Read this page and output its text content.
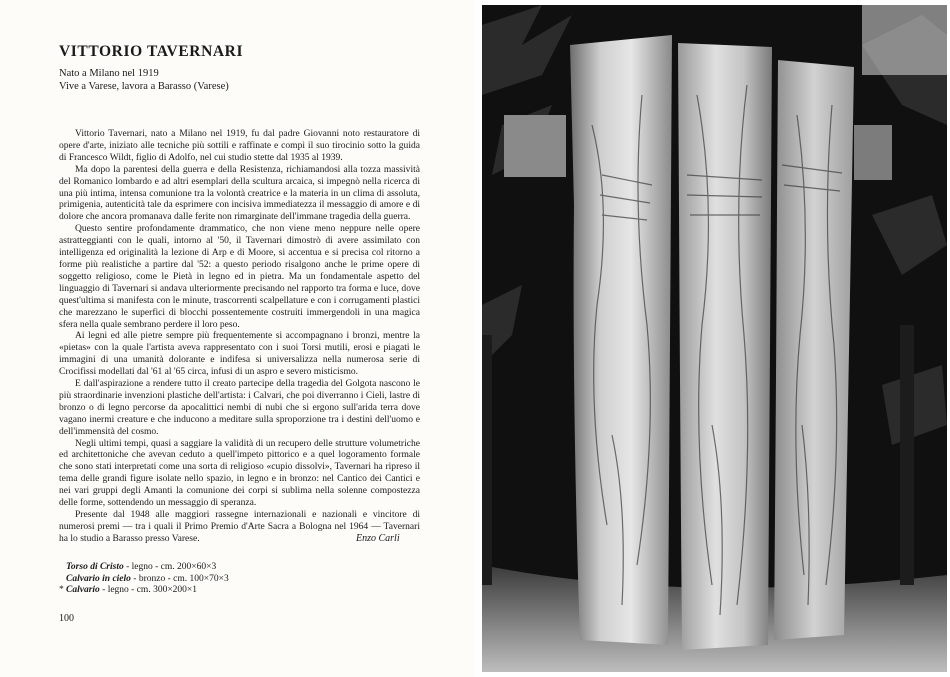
VITTORIO TAVERNARI
Nato a Milano nel 1919
Vive a Varese, lavora a Barasso (Varese)

Vittorio Tavernari, nato a Milano nel 1919, fu dal padre Giovanni noto restauratore di opere d'arte, iniziato alle tecniche più sottili e raffinate e compì il suo tirocinio sotto la guida di Francesco Wildt, figlio di Adolfo, nel cui studio stette dal 1935 al 1939.

Ma dopo la parentesi della guerra e della Resistenza, richiamandosi alla tozza massività del Romanico lombardo e ad altri esemplari della scultura arcaica, si impegnò nella ricerca di una più intima, intensa comunione tra la volontà creatrice e la materia in un clima di assoluta, primigenia, autenticità tale da esprimere con incisiva immediatezza il messaggio di amore e di dolore che ancora promanava dalle ferite non rimarginate dell'immane tragedia della guerra.

Questo sentire profondamente drammatico, che non viene meno neppure nelle opere astratteggianti con le quali, intorno al '50, il Tavernari dimostrò di avere assimilato con intelligenza ed originalità la lezione di Arp e di Moore, si accentua e si precisa col ritorno a forme più realistiche a partire dal '52: a questo periodo risalgono anche le prime opere di soggetto religioso, come le Pietà in legno ed in pietra. Ma un fondamentale aspetto del linguaggio di Tavernari si andava ulteriormente precisando nel rapporto tra forma e luce, dove quest'ultima si manifesta con le minute, trascorrenti scalpellature e con i corrugamenti plastici che marezzano le superfici di blocchi possentemente costruiti immergendoli in una magica sfera nella quale sembrano perdere il loro peso.

Ai legni ed alle pietre sempre più frequentemente si accompagnano i bronzi, mentre la «pietas» con la quale l'artista aveva rappresentato con i suoi Torsi mutili, erosi e piagati le immagini di una umanità dolorante e indifesa si universalizza nella numerosa serie di Crocifissi modellati dal '61 al '65 circa, infusi di un aspro e severo misticismo.

E dall'aspirazione a rendere tutto il creato partecipe della tragedia del Golgota nascono le più straordinarie invenzioni plastiche dell'artista: i Calvari, che poi diverranno i Cieli, lastre di bronzo o di legno percorse da apocalittici nembi di nubi che si ergono sull'arida terra dove vagano inermi creature e che inducono a meditare sulla sproporzione tra i destini dell'uomo e dell'immensità del cosmo.

Negli ultimi tempi, quasi a saggiare la validità di un recupero delle strutture volumetriche ed architettoniche che avevan ceduto a quell'impeto pittorico e a quel logoramento formale che sono stati interpretati come una sorta di religioso «cupio dissolvi», Tavernari ha ripreso il tema delle grandi figure isolate nello spazio, in legno e in bronzo: nel Cantico dei Cantici e nei vari gruppi degli Amanti la comunione dei corpi si sublima nella solenne compostezza delle forme, sottendendo un messaggio di speranza.

Presente dal 1948 alle maggiori rassegne internazionali e nazionali e vincitore di numerosi premi — tra i quali il Primo Premio d'Arte Sacra a Bologna nel 1964 — Tavernari ha lo studio a Barasso presso Varese.	Enzo Carli
Torso di Cristo - legno - cm. 200×60×3
Calvario in cielo - bronzo - cm. 100×70×3
* Calvario - legno - cm. 300×200×1
100
